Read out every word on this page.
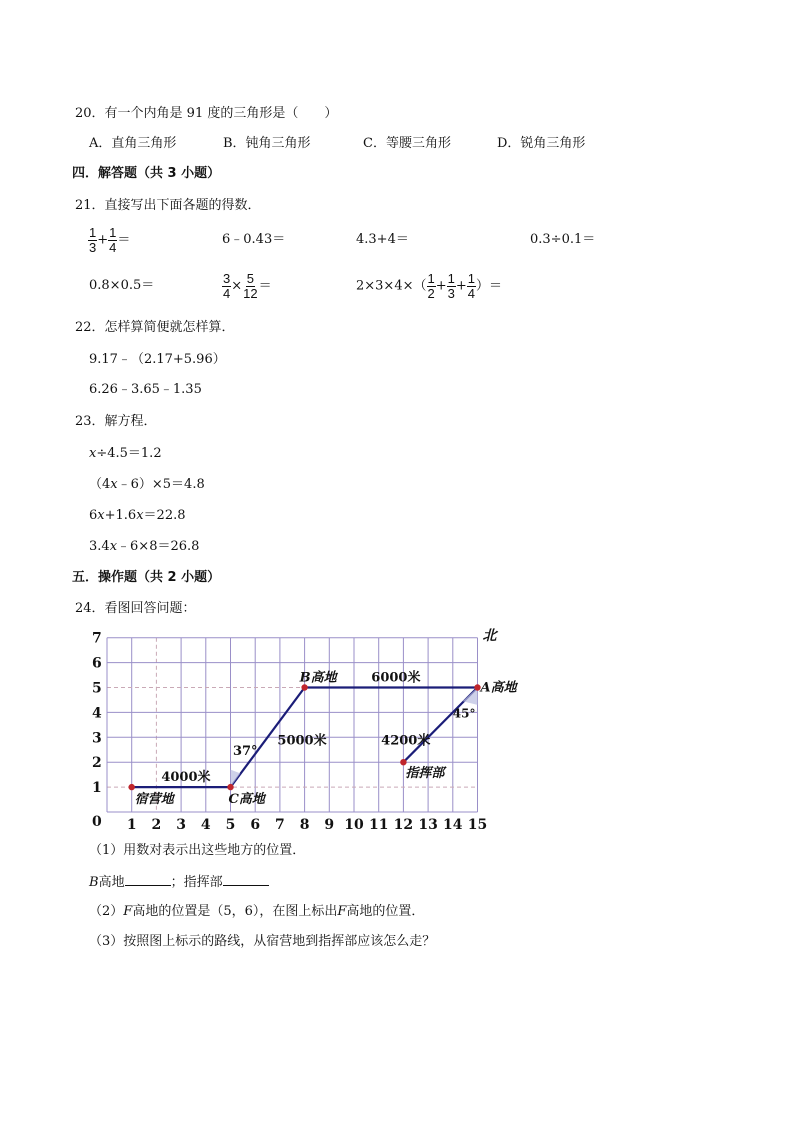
20．有一个内角是 91 度的三角形是（　　）
A．直角三角形	B．钝角三角形	C．等腰三角形	D．锐角三角形
四．解答题（共 3 小题）
21．直接写出下面各题的得数．
$\frac{1}{3} + \frac{1}{4}$ ＝	6﹣0.43＝	4.3+4＝	0.3÷0.1＝
0.8×0.5＝	$\frac{3}{4} \times \frac{5}{12}$ ＝	$2\times 3\times 4\times( \frac{1}{2} + \frac{1}{3} + \frac{1}{4}$ ）＝
22．怎样算简便就怎样算．
9.17﹣（2.17+5.96）
6.26﹣3.65﹣1.35
23．解方程．
x÷4.5＝1.2
（4x﹣6）×5＝4.8
6x+1.6x＝22.8
3.4x﹣6×8＝26.8
五．操作题（共 2 小题）
24．看图回答问题：
1 2 3 4 5 6 7 8 9 10 11 12 13 14 15
0
1
2
3
4
5
6
7
宿营地	C高地
B高地
A高地
指挥部
4000米
5000米
37°
6000米
4200米
45°
北
（1）用数对表示出这些地方的位置．
B高地	；指挥部
（2）F高地的位置是（5，6），在图上标出F高地的位置．
（3）按照图上标示的路线，从宿营地到指挥部应该怎么走？
